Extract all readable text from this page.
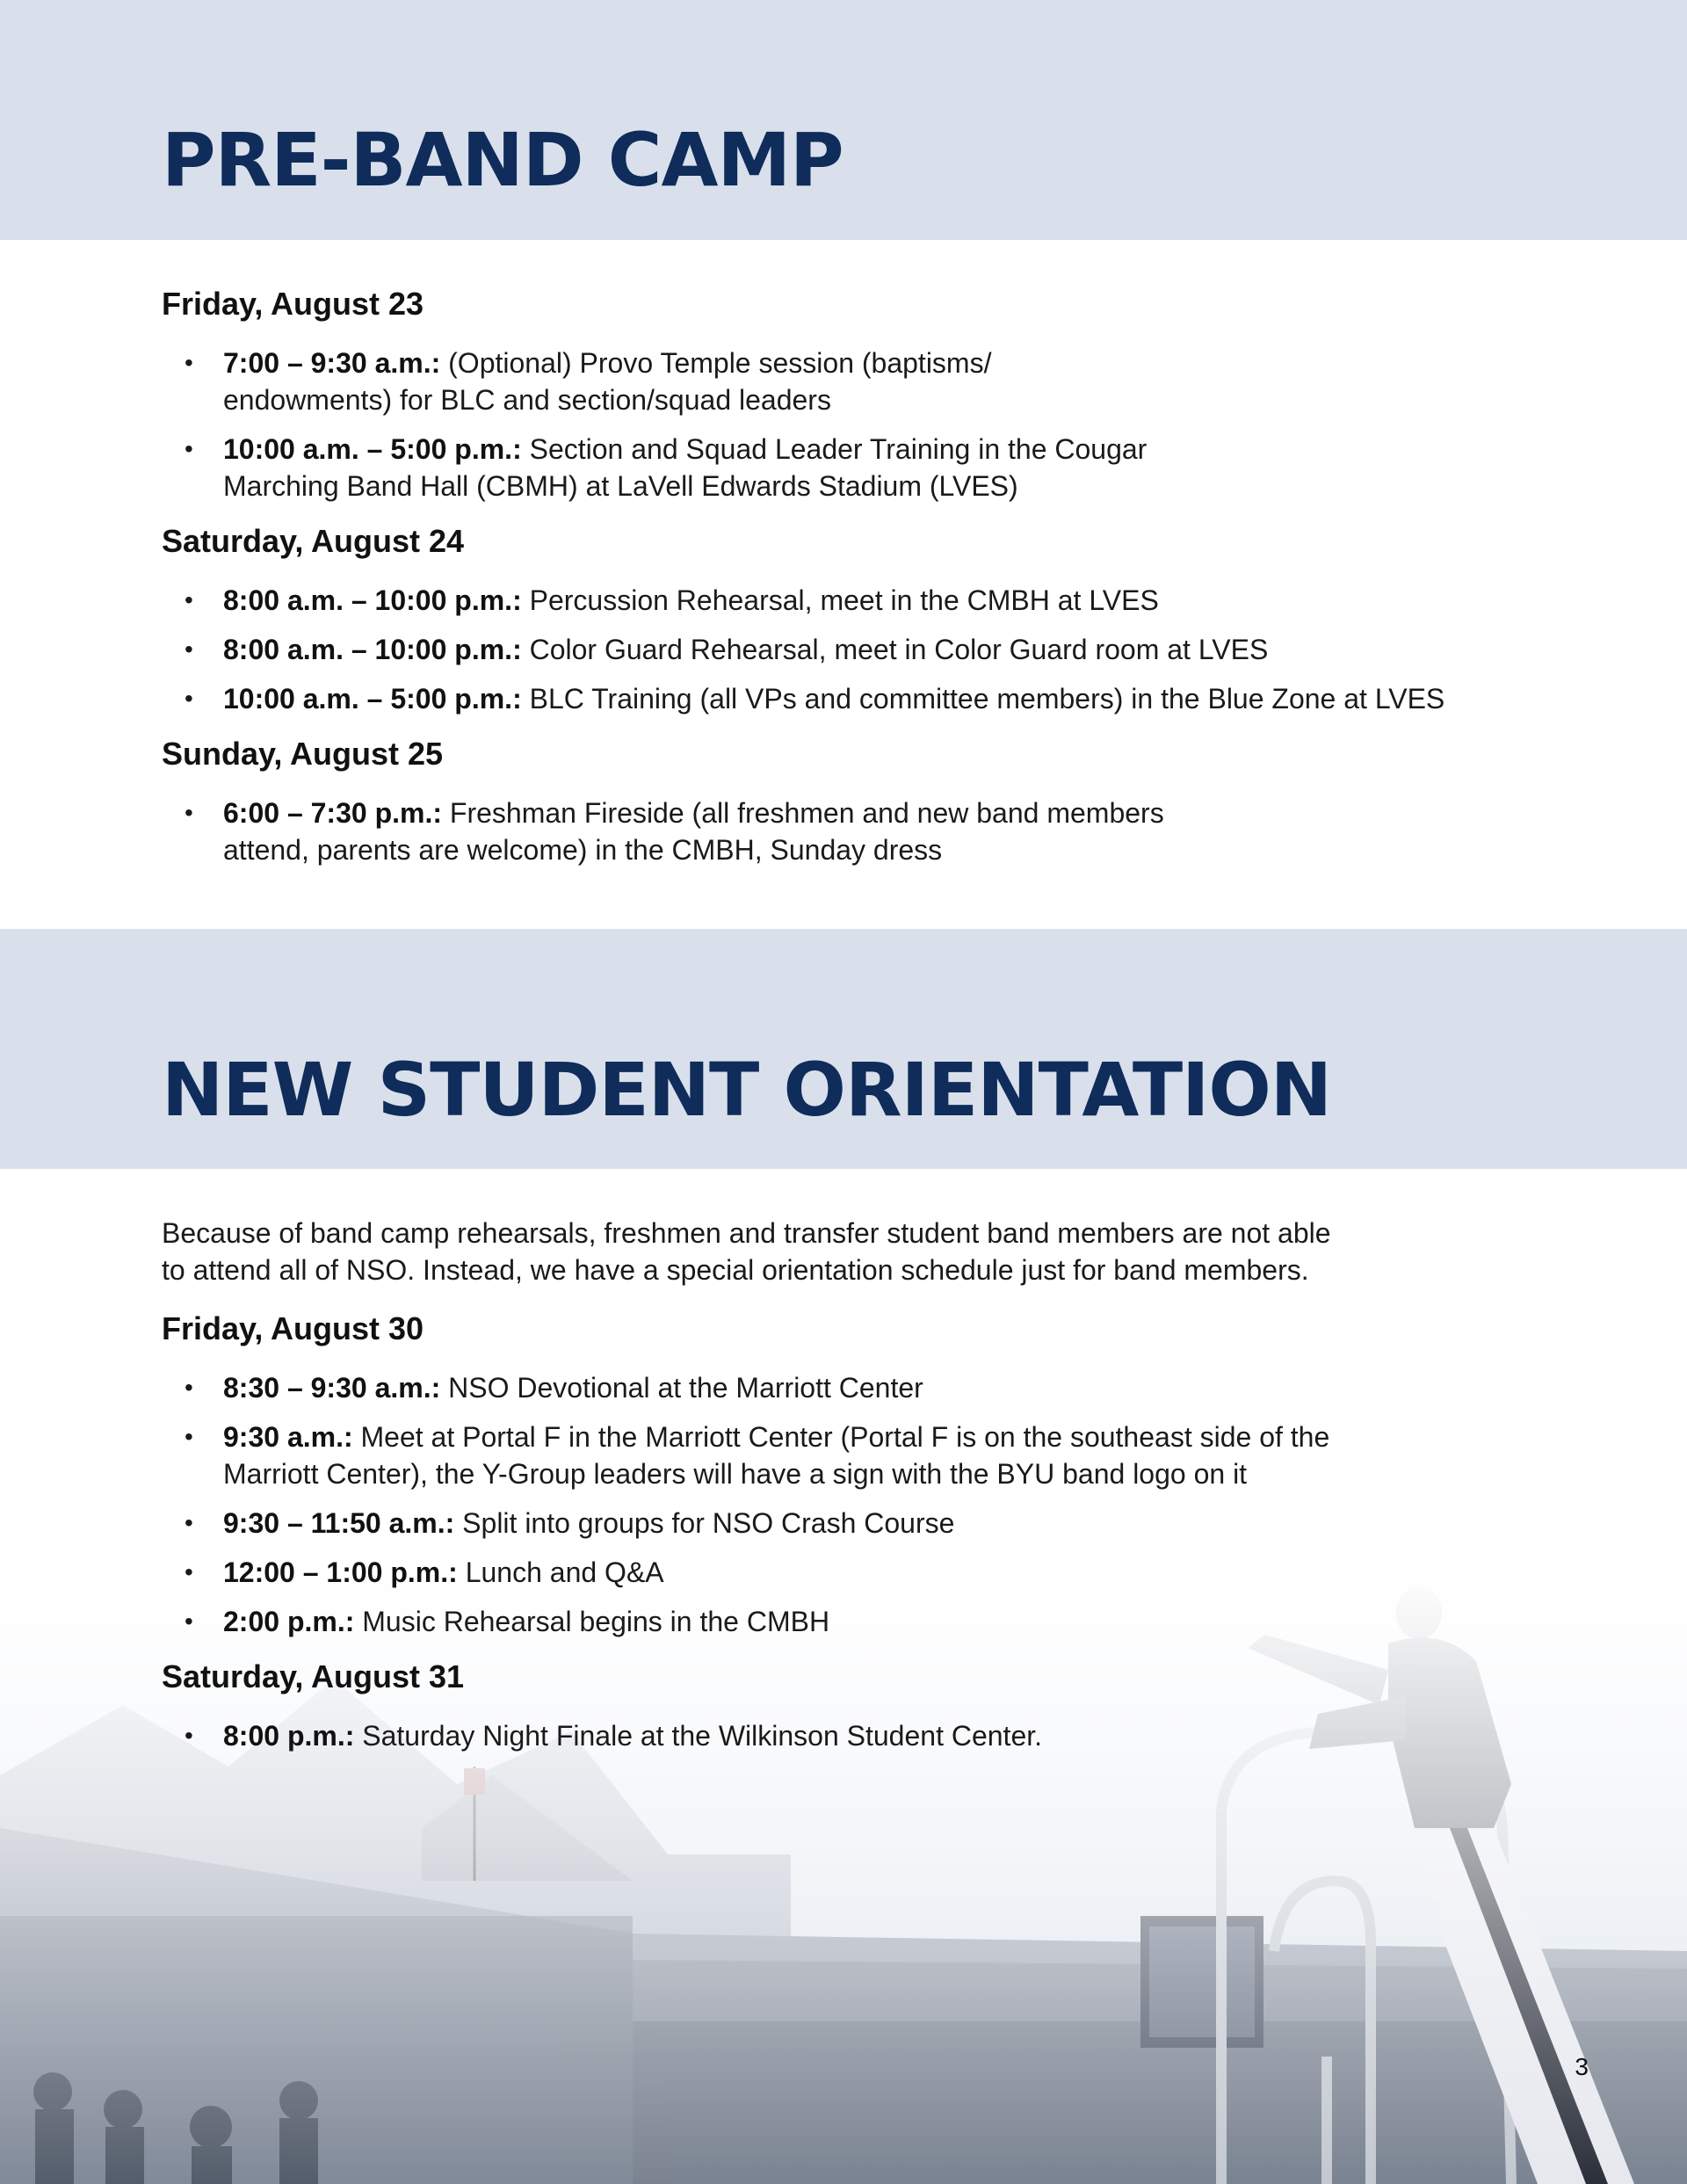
PRE-BAND CAMP
Friday, August 23
• 7:00 – 9:30 a.m.: (Optional) Provo Temple session (baptisms/
endowments) for BLC and section/squad leaders
• 10:00 a.m. – 5:00 p.m.: Section and Squad Leader Training in the Cougar
Marching Band Hall (CBMH) at LaVell Edwards Stadium (LVES)
Saturday, August 24
• 8:00 a.m. – 10:00 p.m.: Percussion Rehearsal, meet in the CMBH at LVES
• 8:00 a.m. – 10:00 p.m.: Color Guard Rehearsal, meet in Color Guard room at LVES
• 10:00 a.m. – 5:00 p.m.: BLC Training (all VPs and committee members) in the Blue Zone at LVES
Sunday, August 25
• 6:00 – 7:30 p.m.: Freshman Fireside (all freshmen and new band members
attend, parents are welcome) in the CMBH, Sunday dress
NEW STUDENT ORIENTATION

Because of band camp rehearsals, freshmen and transfer student band members are not able
to attend all of NSO. Instead, we have a special orientation schedule just for band members.

Friday, August 30
• 8:30 – 9:30 a.m.: NSO Devotional at the Marriott Center
• 9:30 a.m.: Meet at Portal F in the Marriott Center (Portal F is on the southeast side of the
Marriott Center), the Y-Group leaders will have a sign with the BYU band logo on it
• 9:30 – 11:50 a.m.: Split into groups for NSO Crash Course
• 12:00 – 1:00 p.m.: Lunch and Q&A
• 2:00 p.m.: Music Rehearsal begins in the CMBH
Saturday, August 31
• 8:00 p.m.: Saturday Night Finale at the Wilkinson Student Center.
3
